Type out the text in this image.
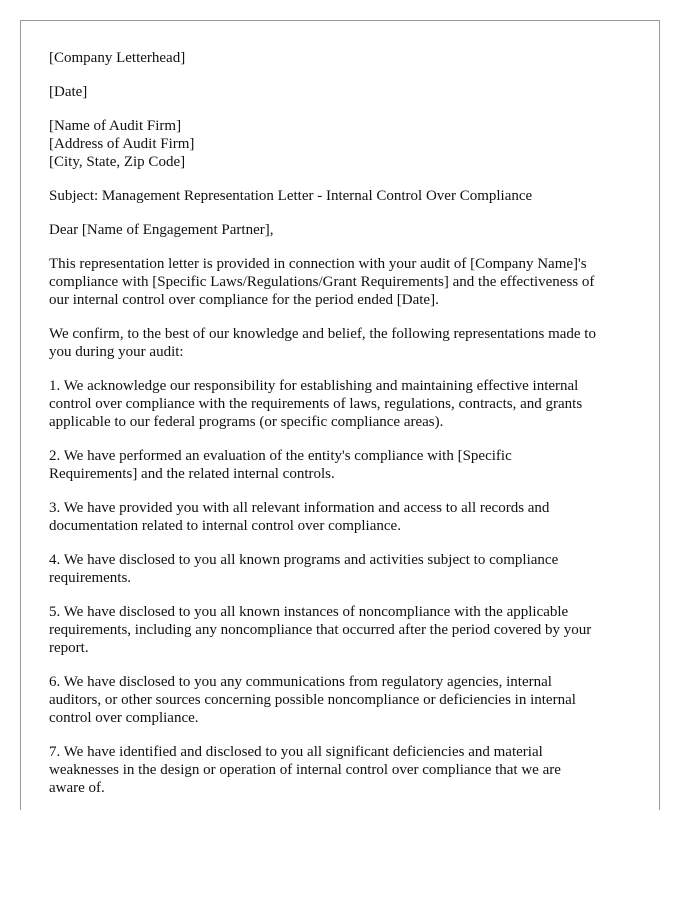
[Company Letterhead]
[Date]
[Name of Audit Firm]
[Address of Audit Firm]
[City, State, Zip Code]
Subject: Management Representation Letter - Internal Control Over Compliance
Dear [Name of Engagement Partner],
This representation letter is provided in connection with your audit of [Company Name]'s
compliance with [Specific Laws/Regulations/Grant Requirements] and the effectiveness of
our internal control over compliance for the period ended [Date].
We confirm, to the best of our knowledge and belief, the following representations made to
you during your audit:
1. We acknowledge our responsibility for establishing and maintaining effective internal
control over compliance with the requirements of laws, regulations, contracts, and grants
applicable to our federal programs (or specific compliance areas).
2. We have performed an evaluation of the entity's compliance with [Specific
Requirements] and the related internal controls.
3. We have provided you with all relevant information and access to all records and
documentation related to internal control over compliance.
4. We have disclosed to you all known programs and activities subject to compliance
requirements.
5. We have disclosed to you all known instances of noncompliance with the applicable
requirements, including any noncompliance that occurred after the period covered by your
report.
6. We have disclosed to you any communications from regulatory agencies, internal
auditors, or other sources concerning possible noncompliance or deficiencies in internal
control over compliance.
7. We have identified and disclosed to you all significant deficiencies and material
weaknesses in the design or operation of internal control over compliance that we are
aware of.
